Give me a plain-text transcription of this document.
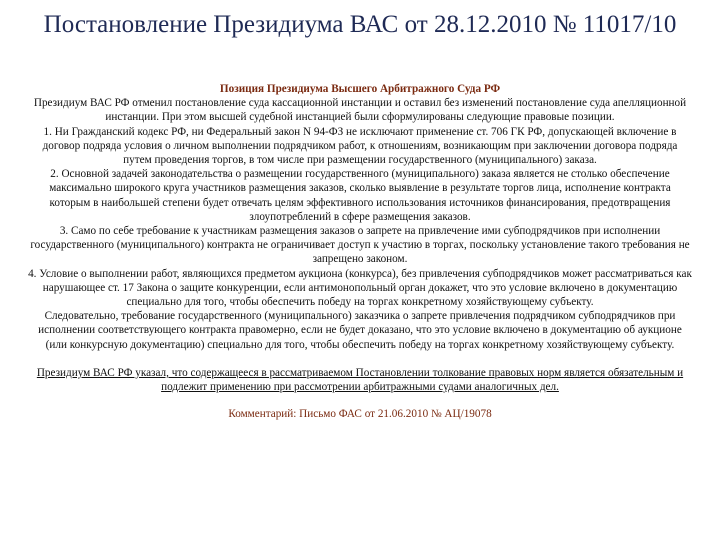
Постановление Президиума ВАС от 28.12.2010 № 11017/10
Позиция Президиума Высшего Арбитражного Суда РФ

Президиум ВАС РФ отменил постановление суда кассационной инстанции и оставил без изменений постановление суда апелляционной инстанции. При этом высшей судебной инстанцией были сформулированы следующие правовые позиции.

1. Ни Гражданский кодекс РФ, ни Федеральный закон N 94-ФЗ не исключают применение ст. 706 ГК РФ, допускающей включение в договор подряда условия о личном выполнении подрядчиком работ, к отношениям, возникающим при заключении договора подряда путем проведения торгов, в том числе при размещении государственного (муниципального) заказа.

2. Основной задачей законодательства о размещении государственного (муниципального) заказа является не столько обеспечение максимально широкого круга участников размещения заказов, сколько выявление в результате торгов лица, исполнение контракта которым в наибольшей степени будет отвечать целям эффективного использования источников финансирования, предотвращения злоупотреблений в сфере размещения заказов.

3. Само по себе требование к участникам размещения заказов о запрете на привлечение ими субподрядчиков при исполнении государственного (муниципального) контракта не ограничивает доступ к участию в торгах, поскольку установление такого требования не запрещено законом.

4. Условие о выполнении работ, являющихся предметом аукциона (конкурса), без привлечения субподрядчиков может рассматриваться как нарушающее ст. 17 Закона о защите конкуренции, если антимонопольный орган докажет, что это условие включено в документацию специально для того, чтобы обеспечить победу на торгах конкретному хозяйствующему субъекту.

Следовательно, требование государственного (муниципального) заказчика о запрете привлечения подрядчиком субподрядчиков при исполнении соответствующего контракта правомерно, если не будет доказано, что это условие включено в документацию об аукционе (или конкурсную документацию) специально для того, чтобы обеспечить победу на торгах конкретному хозяйствующему субъекту.

Президиум ВАС РФ указал, что содержащееся в рассматриваемом Постановлении толкование правовых норм является обязательным и подлежит применению при рассмотрении арбитражными судами аналогичных дел.

Комментарий: Письмо ФАС от 21.06.2010 № АЦ/19078
